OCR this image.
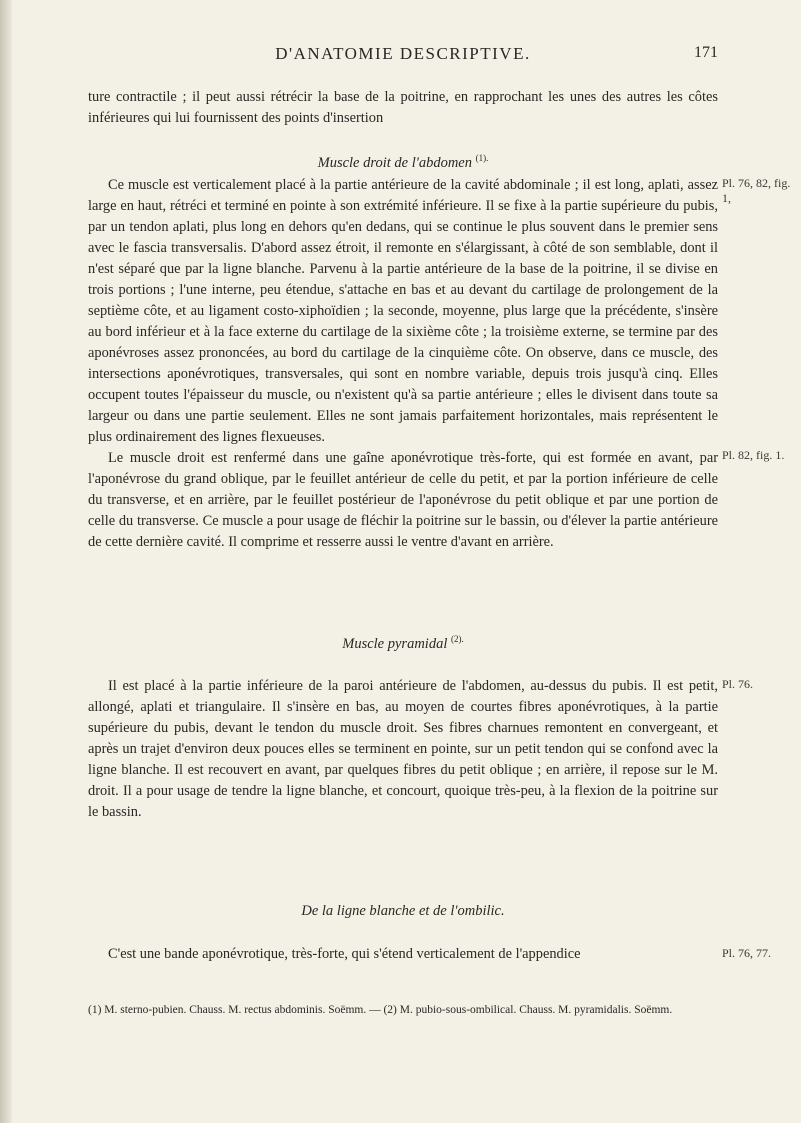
D'ANATOMIE DESCRIPTIVE.	171

ture contractile ; il peut aussi rétrécir la base de la poitrine, en rapprochant les unes des autres les côtes inférieures qui lui fournissent des points d'insertion

Muscle droit de l'abdomen $^{(1).}$

Ce muscle est verticalement placé à la partie antérieure de la cavité abdominale ; il est long, aplati, assez large en haut, rétréci et terminé en pointe à son extrémité inférieure. Il se fixe à la partie supérieure du pubis, par un tendon aplati, plus long en dehors qu'en dedans, qui se continue le plus souvent dans le premier sens avec le fascia transversalis. D'abord assez étroit, il remonte en s'élargissant, à côté de son semblable, dont il n'est séparé que par la ligne blanche. Parvenu à la partie antérieure de la base de la poitrine, il se divise en trois portions ; l'une interne, peu étendue, s'attache en bas et au devant du cartilage de prolongement de la septième côte, et au ligament costo-xiphoïdien ; la seconde, moyenne, plus large que la précédente, s'insère au bord inférieur et à la face externe du cartilage de la sixième côte ; la troisième externe, se termine par des aponévroses assez prononcées, au bord du cartilage de la cinquième côte. On observe, dans ce muscle, des intersections aponévrotiques, transversales, qui sont en nombre variable, depuis trois jusqu'à cinq. Elles occupent toutes l'épaisseur du muscle, ou n'existent qu'à sa partie antérieure ; elles le divisent dans toute sa largeur ou dans une partie seulement. Elles ne sont jamais parfaitement horizontales, mais représentent le plus ordinairement des lignes flexueuses.

Le muscle droit est renfermé dans une gaîne aponévrotique très-forte, qui est formée en avant, par l'aponévrose du grand oblique, par le feuillet antérieur de celle du petit, et par la portion inférieure de celle du transverse, et en arrière, par le feuillet postérieur de l'aponévrose du petit oblique et par une portion de celle du transverse. Ce muscle a pour usage de fléchir la poitrine sur le bassin, ou d'élever la partie antérieure de cette dernière cavité. Il comprime et resserre aussi le ventre d'avant en arrière.

Muscle pyramidal $^{(2).}$

Il est placé à la partie inférieure de la paroi antérieure de l'abdomen, au-dessus du pubis. Il est petit, allongé, aplati et triangulaire. Il s'insère en bas, au moyen de courtes fibres aponévrotiques, à la partie supérieure du pubis, devant le tendon du muscle droit. Ses fibres charnues remontent en convergeant, et après un trajet d'environ deux pouces elles se terminent en pointe, sur un petit tendon qui se confond avec la ligne blanche. Il est recouvert en avant, par quelques fibres du petit oblique ; en arrière, il repose sur le M. droit. Il a pour usage de tendre la ligne blanche, et concourt, quoique très-peu, à la flexion de la poitrine sur le bassin.

De la ligne blanche et de l'ombilic.

C'est une bande aponévrotique, très-forte, qui s'étend verticalement de l'appendice

Pl. 76, 82, fig. 1,
Pl. 82, fig. 1.
Pl. 76.
Pl. 76, 77.
(1) M. sterno-pubien. Chauss. M. rectus abdominis. Soëmm. — (2) M. pubio-sous-ombilical. Chauss. M. pyramidalis. Soëmm.
